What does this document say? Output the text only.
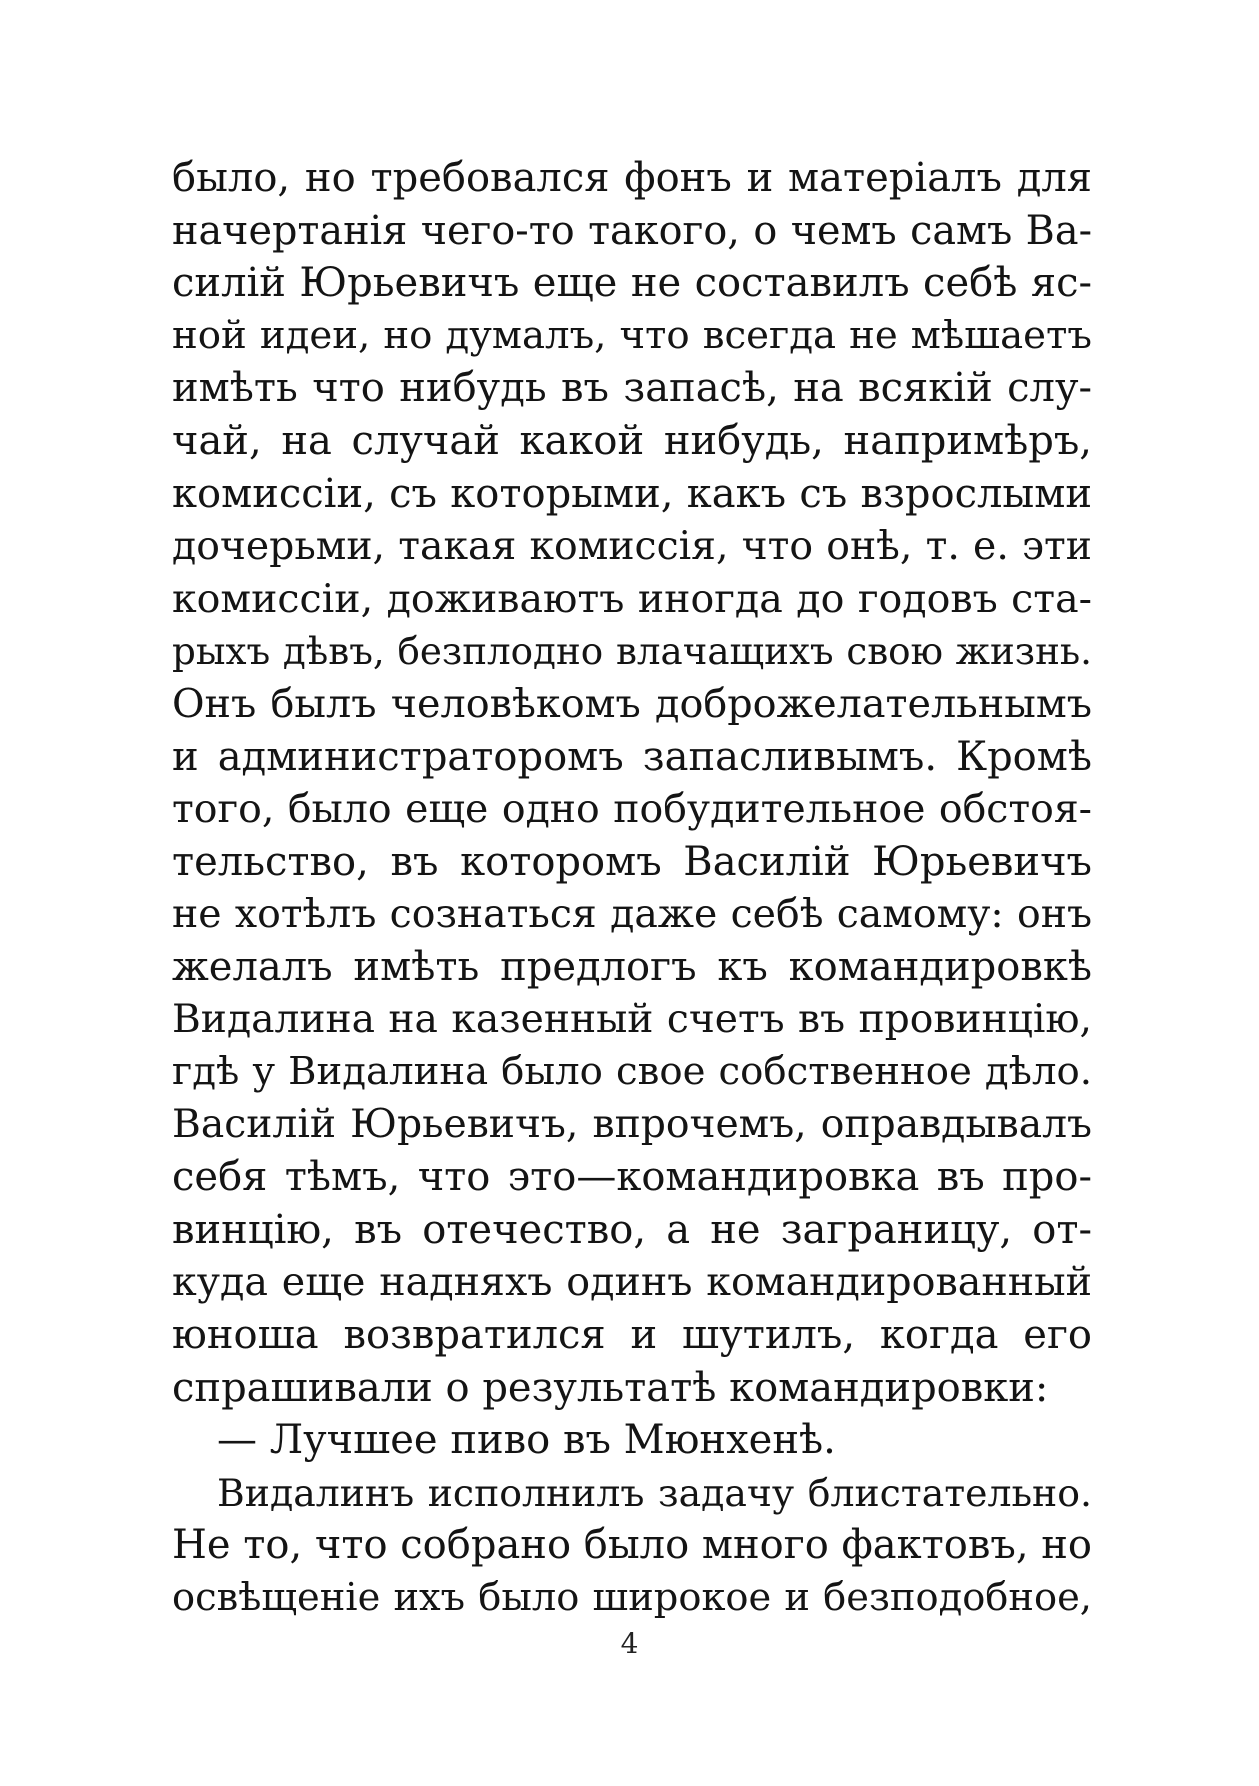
было, но требовался фонъ и матеріалъ для
начертанія чего-то такого, о чемъ самъ Ва-
силій Юрьевичъ еще не составилъ себѣ яс-
ной идеи, но думалъ, что всегда не мѣшаетъ
имѣть что нибудь въ запасѣ, на всякій слу-
чай, на случай какой нибудь, напримѣръ,
комиссіи, съ которыми, какъ съ взрослыми
дочерьми, такая комиссія, что онѣ, т. е. эти
комиссіи, доживаютъ иногда до годовъ ста-
рыхъ дѣвъ, безплодно влачащихъ свою жизнь.
Онъ былъ человѣкомъ доброжелательнымъ
и администраторомъ запасливымъ. Кромѣ
того, было еще одно побудительное обстоя-
тельство, въ которомъ Василій Юрьевичъ
не хотѣлъ сознаться даже себѣ самому: онъ
желалъ имѣть предлогъ къ командировкѣ
Видалина на казенный счетъ въ провинцію,
гдѣ у Видалина было свое собственное дѣло.
Василій Юрьевичъ, впрочемъ, оправдывалъ
себя тѣмъ, что это—командировка въ про-
винцію, въ отечество, а не заграницу, от-
куда еще надняхъ одинъ командированный
юноша возвратился и шутилъ, когда его
спрашивали о результатѣ командировки:
— Лучшее пиво въ Мюнхенѣ.
Видалинъ исполнилъ задачу блистательно.
Не то, что собрано было много фактовъ, но
освѣщеніе ихъ было широкое и безподобное,
4
